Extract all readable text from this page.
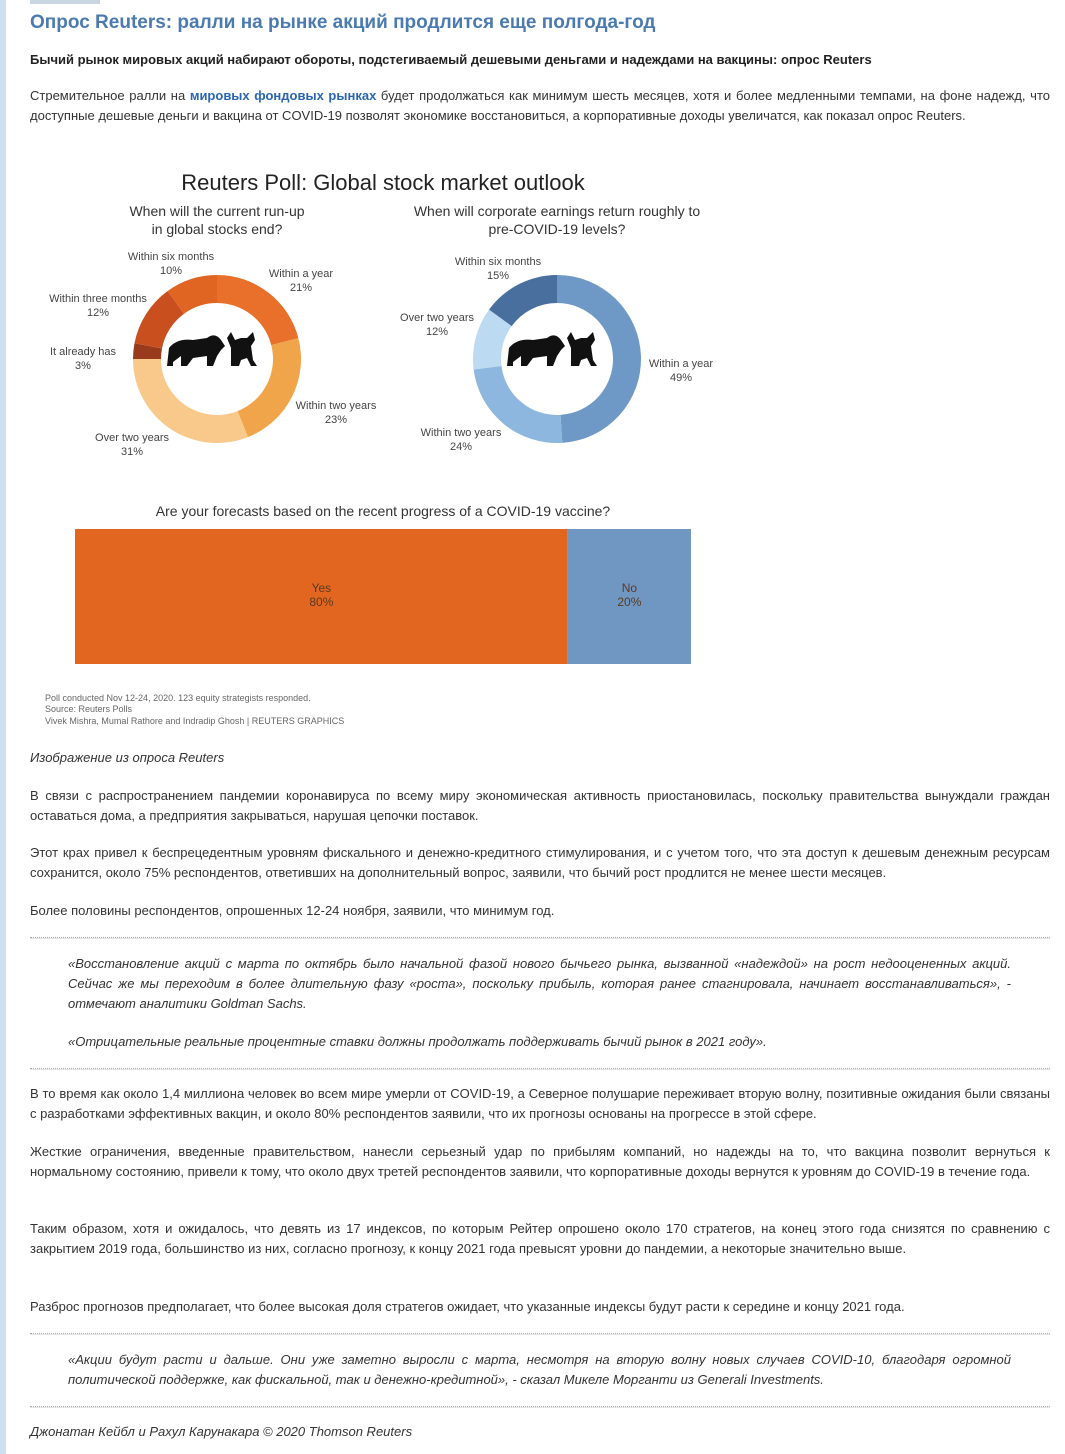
Опрос Reuters: ралли на рынке акций продлится еще полгода-год
Бычий рынок мировых акций набирают обороты, подстегиваемый дешевыми деньгами и надеждами на вакцины: опрос Reuters
Стремительное ралли на мировых фондовых рынках будет продолжаться как минимум шесть месяцев, хотя и более медленными темпами, на фоне надежд, что доступные дешевые деньги и вакцина от COVID-19 позволят экономике восстановиться, а корпоративные доходы увеличатся, как показал опрос Reuters.
Reuters Poll: Global stock market outlook
When will the current run-up
in global stocks end?
Within a year
21%
Within two years
23%
Over two years
31%
It already has
3%
Within three months
12%
Within six months
10%
When will corporate earnings return roughly to
pre-COVID-19 levels?
Within a year
49%
Within two years
24%
Over two years
12%
Within six months
15%
Are your forecasts based on the recent progress of a COVID-19 vaccine?
Yes
80%
No
20%
Poll conducted Nov 12-24, 2020. 123 equity strategists responded.
Source: Reuters Polls
Vivek Mishra, Mumal Rathore and Indradip Ghosh | REUTERS GRAPHICS
Изображение из опроса Reuters
В связи с распространением пандемии коронавируса по всему миру экономическая активность приостановилась, поскольку правительства вынуждали граждан оставаться дома, а предприятия закрываться, нарушая цепочки поставок.
Этот крах привел к беспрецедентным уровням фискального и денежно-кредитного стимулирования, и с учетом того, что эта доступ к дешевым денежным ресурсам сохранится, около 75% респондентов, ответивших на дополнительный вопрос, заявили, что бычий рост продлится не менее шести месяцев.
Более половины респондентов, опрошенных 12-24 ноября, заявили, что минимум год.
«Восстановление акций с марта по октябрь было начальной фазой нового бычьего рынка, вызванной «надеждой» на рост недооцененных акций. Сейчас же мы переходим в более длительную фазу «роста», поскольку прибыль, которая ранее стагнировала, начинает восстанавливаться», - отмечают аналитики Goldman Sachs.
«Отрицательные реальные процентные ставки должны продолжать поддерживать бычий рынок в 2021 году».
В то время как около 1,4 миллиона человек во всем мире умерли от COVID-19, а Северное полушарие переживает вторую волну, позитивные ожидания были связаны с разработками эффективных вакцин, и около 80% респондентов заявили, что их прогнозы основаны на прогрессе в этой сфере.
Жесткие ограничения, введенные правительством, нанесли серьезный удар по прибылям компаний, но надежды на то, что вакцина позволит вернуться к нормальному состоянию, привели к тому, что около двух третей респондентов заявили, что корпоративные доходы вернутся к уровням до COVID-19 в течение года.
Таким образом, хотя и ожидалось, что девять из 17 индексов, по которым Рейтер опрошено около 170 стратегов, на конец этого года снизятся по сравнению с закрытием 2019 года, большинство из них, согласно прогнозу, к концу 2021 года превысят уровни до пандемии, а некоторые значительно выше.
Разброс прогнозов предполагает, что более высокая доля стратегов ожидает, что указанные индексы будут расти к середине и концу 2021 года.
«Акции будут расти и дальше. Они уже заметно выросли с марта, несмотря на вторую волну новых случаев COVID-10, благодаря огромной политической поддержке, как фискальной, так и денежно-кредитной», - сказал Микеле Морганти из Generali Investments.
Джонатан Кейбл и Рахул Карунакара © 2020 Thomson Reuters
